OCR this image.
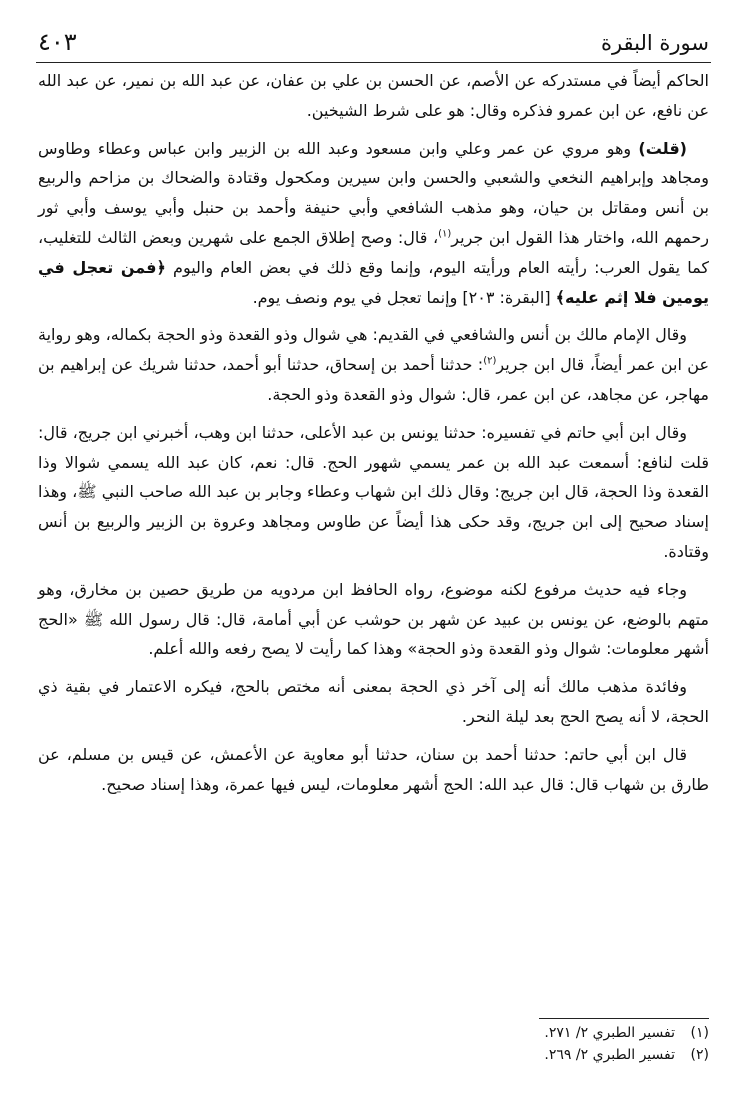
سورة البقرة
٤٠٣

الحاكم أيضاً في مستدركه عن الأصم، عن الحسن بن علي بن عفان، عن عبد الله بن نمير، عن عبد الله عن نافع، عن ابن عمرو فذكره وقال: هو على شرط الشيخين.

(قلت) وهو مروي عن عمر وعلي وابن مسعود وعبد الله بن الزبير وابن عباس وعطاء وطاوس ومجاهد وإبراهيم النخعي والشعبي والحسن وابن سيرين ومكحول وقتادة والضحاك بن مزاحم والربيع بن أنس ومقاتل بن حيان، وهو مذهب الشافعي وأبي حنيفة وأحمد بن حنبل وأبي يوسف وأبي ثور رحمهم الله، واختار هذا القول ابن جرير$^{(١)}$، قال: وصح إطلاق الجمع على شهرين وبعض الثالث للتغليب، كما يقول العرب: رأيته العام ورأيته اليوم، وإنما وقع ذلك في بعض العام واليوم ﴿فمن تعجل في يومين فلا إثم عليه﴾ [البقرة: ٢٠٣] وإنما تعجل في يوم ونصف يوم.

وقال الإمام مالك بن أنس والشافعي في القديم: هي شوال وذو القعدة وذو الحجة بكماله، وهو رواية عن ابن عمر أيضاً، قال ابن جرير$^{(٢)}$: حدثنا أحمد بن إسحاق، حدثنا أبو أحمد، حدثنا شريك عن إبراهيم بن مهاجر، عن مجاهد، عن ابن عمر، قال: شوال وذو القعدة وذو الحجة.

وقال ابن أبي حاتم في تفسيره: حدثنا يونس بن عبد الأعلى، حدثنا ابن وهب، أخبرني ابن جريج، قال: قلت لنافع: أسمعت عبد الله بن عمر يسمي شهور الحج. قال: نعم، كان عبد الله يسمي شوالا وذا القعدة وذا الحجة، قال ابن جريج: وقال ذلك ابن شهاب وعطاء وجابر بن عبد الله صاحب النبي ﷺ، وهذا إسناد صحيح إلى ابن جريج، وقد حكى هذا أيضاً عن طاوس ومجاهد وعروة بن الزبير والربيع بن أنس وقتادة.

وجاء فيه حديث مرفوع لكنه موضوع، رواه الحافظ ابن مردويه من طريق حصين بن مخارق، وهو متهم بالوضع، عن يونس بن عبيد عن شهر بن حوشب عن أبي أمامة، قال: قال رسول الله ﷺ «الحج أشهر معلومات: شوال وذو القعدة وذو الحجة» وهذا كما رأيت لا يصح رفعه والله أعلم.

وفائدة مذهب مالك أنه إلى آخر ذي الحجة بمعنى أنه مختص بالحج، فيكره الاعتمار في بقية ذي الحجة، لا أنه يصح الحج بعد ليلة النحر.

قال ابن أبي حاتم: حدثنا أحمد بن سنان، حدثنا أبو معاوية عن الأعمش، عن قيس بن مسلم، عن طارق بن شهاب قال: قال عبد الله: الحج أشهر معلومات، ليس فيها عمرة، وهذا إسناد صحيح.

(١)تفسير الطبري ٢/ ٢٧١.
(٢)تفسير الطبري ٢/ ٢٦٩.
